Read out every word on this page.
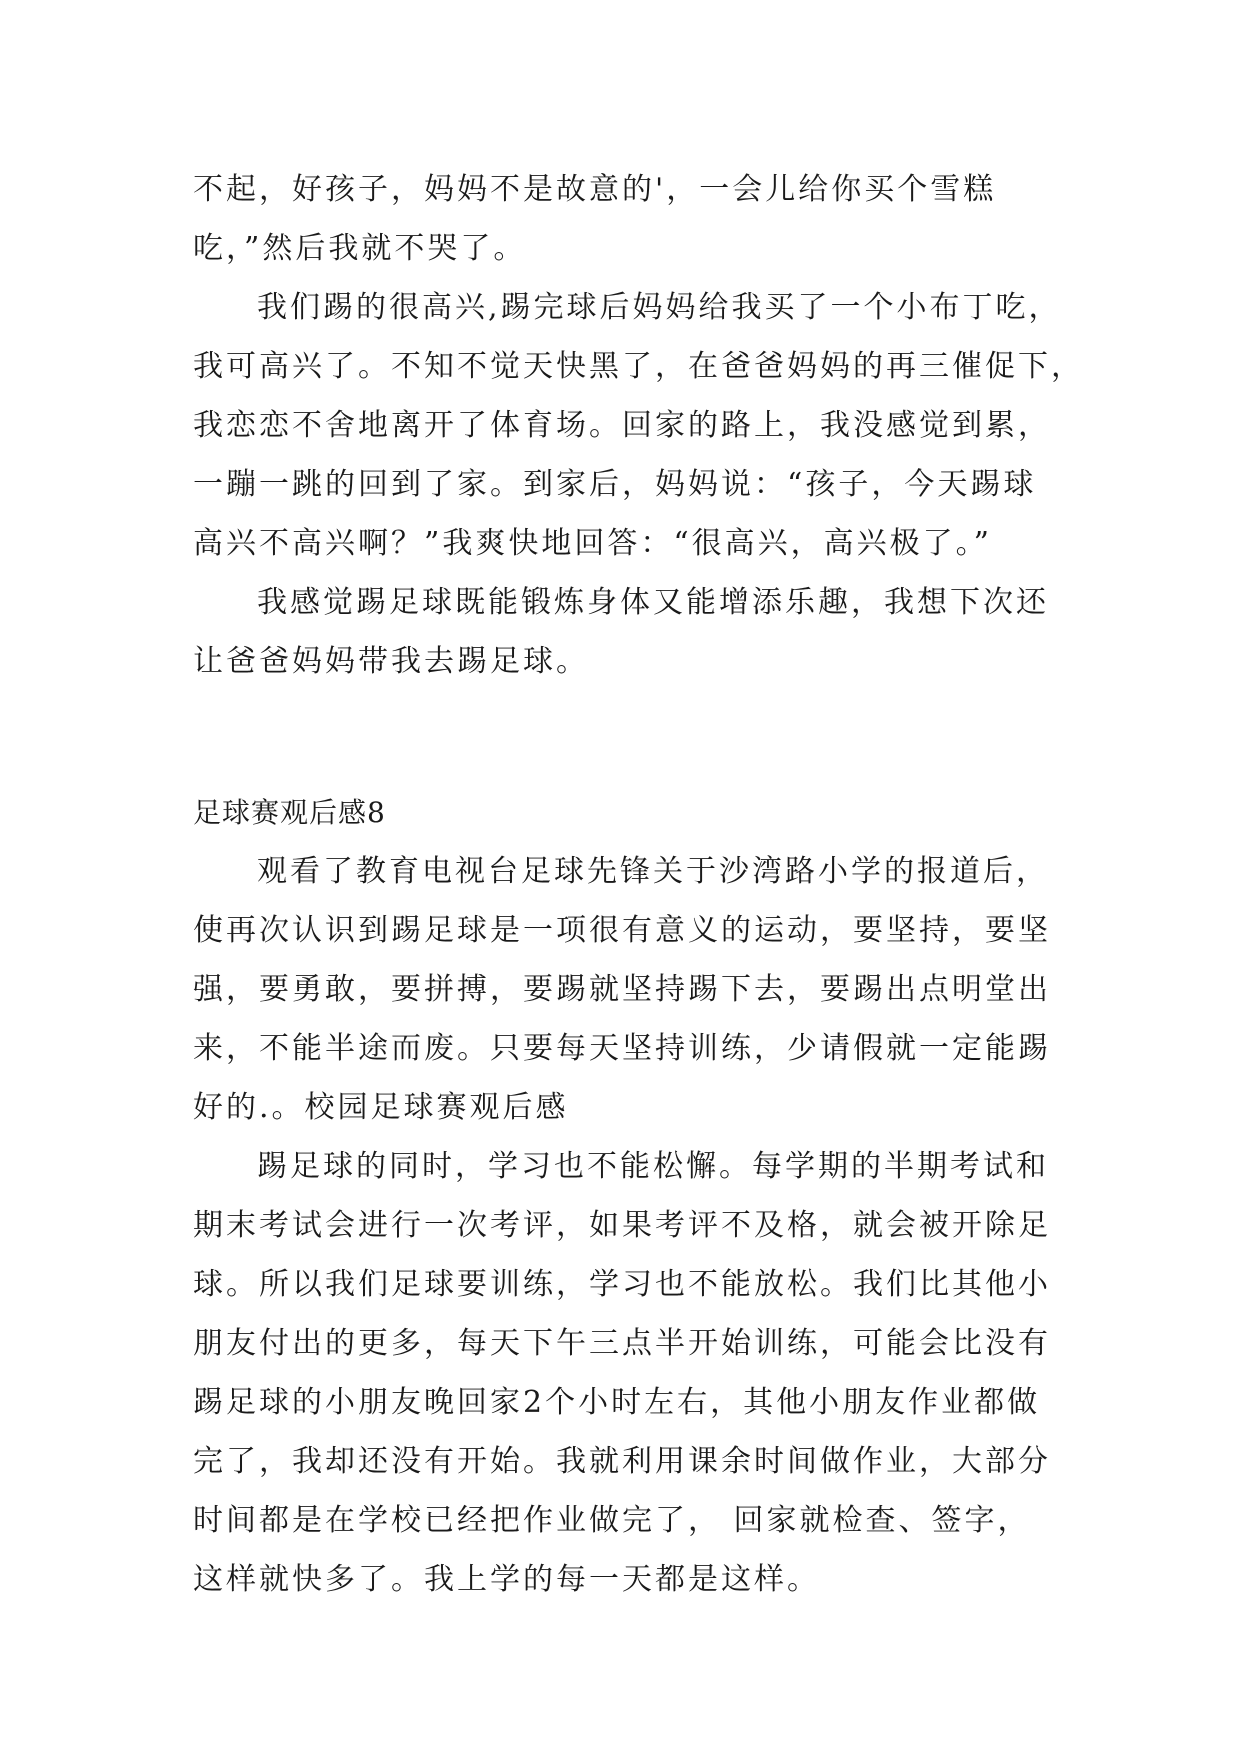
不起，好孩子，妈妈不是故意的'，一会儿给你买个雪糕
吃，”然后我就不哭了。
我们踢的很高兴,踢完球后妈妈给我买了一个小布丁吃，
我可高兴了。不知不觉天快黑了，在爸爸妈妈的再三催促下，
我恋恋不舍地离开了体育场。回家的路上，我没感觉到累，
一蹦一跳的回到了家。到家后，妈妈说：“孩子，今天踢球
高兴不高兴啊？”我爽快地回答：“很高兴，高兴极了。”
我感觉踢足球既能锻炼身体又能增添乐趣，我想下次还
让爸爸妈妈带我去踢足球。
足球赛观后感8
观看了教育电视台足球先锋关于沙湾路小学的报道后，
使再次认识到踢足球是一项很有意义的运动，要坚持，要坚
强，要勇敢，要拼搏，要踢就坚持踢下去，要踢出点明堂出
来，不能半途而废。只要每天坚持训练，少请假就一定能踢
好的.。校园足球赛观后感
踢足球的同时，学习也不能松懈。每学期的半期考试和
期末考试会进行一次考评，如果考评不及格，就会被开除足
球。所以我们足球要训练，学习也不能放松。我们比其他小
朋友付出的更多，每天下午三点半开始训练，可能会比没有
踢足球的小朋友晚回家2个小时左右，其他小朋友作业都做
完了，我却还没有开始。我就利用课余时间做作业，大部分
时间都是在学校已经把作业做完了， 回家就检查、签字，
这样就快多了。我上学的每一天都是这样。
